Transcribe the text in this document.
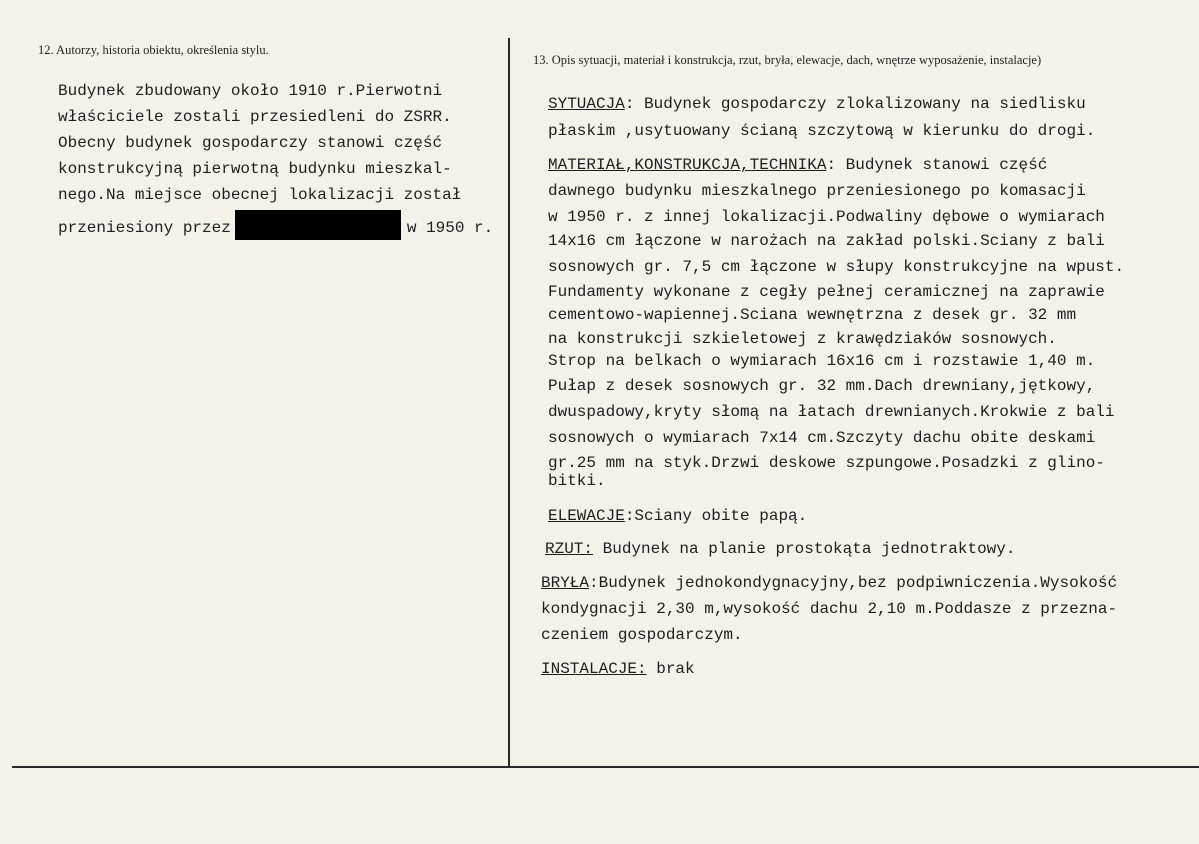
12. Autorzy, historia obiektu, określenia stylu.
Budynek zbudowany około 1910 r.Pierwotni
właściciele zostali przesiedleni do ZSRR.
Obecny budynek gospodarczy stanowi część
konstrukcyjną pierwotną budynku mieszkal-
nego.Na miejsce obecnej lokalizacji został
przeniesiony przez	w 1950 r.
13. Opis sytuacji, materiał i konstrukcja, rzut, bryła, elewacje, dach, wnętrze wyposażenie, instalacje)
SYTUACJA: Budynek gospodarczy zlokalizowany na siedlisku
płaskim ,usytuowany ścianą szczytową w kierunku do drogi.
MATERIAŁ,KONSTRUKCJA,TECHNIKA: Budynek stanowi część
dawnego budynku mieszkalnego przeniesionego po komasacji
w 1950 r. z innej lokalizacji.Podwaliny dębowe o wymiarach
14x16 cm łączone w narożach na zakład polski.Sciany z bali
sosnowych gr. 7,5 cm łączone w słupy konstrukcyjne na wpust.
Fundamenty wykonane z cegły pełnej ceramicznej na zaprawie
cementowo-wapiennej.Sciana wewnętrzna z desek gr. 32 mm
na konstrukcji szkieletowej z krawędziaków sosnowych.
Strop na belkach o wymiarach 16x16 cm i rozstawie 1,40 m.
Pułap z desek sosnowych gr. 32 mm.Dach drewniany,jętkowy,
dwuspadowy,kryty słomą na łatach drewnianych.Krokwie z bali
sosnowych o wymiarach 7x14 cm.Szczyty dachu obite deskami
gr.25 mm na styk.Drzwi deskowe szpungowe.Posadzki z glino-
bitki.
ELEWACJE:Sciany obite papą.
RZUT: Budynek na planie prostokąta jednotraktowy.
BRYŁA:Budynek jednokondygnacyjny,bez podpiwniczenia.Wysokość
kondygnacji 2,30 m,wysokość dachu 2,10 m.Poddasze z przezna-
czeniem gospodarczym.
INSTALACJE: brak
